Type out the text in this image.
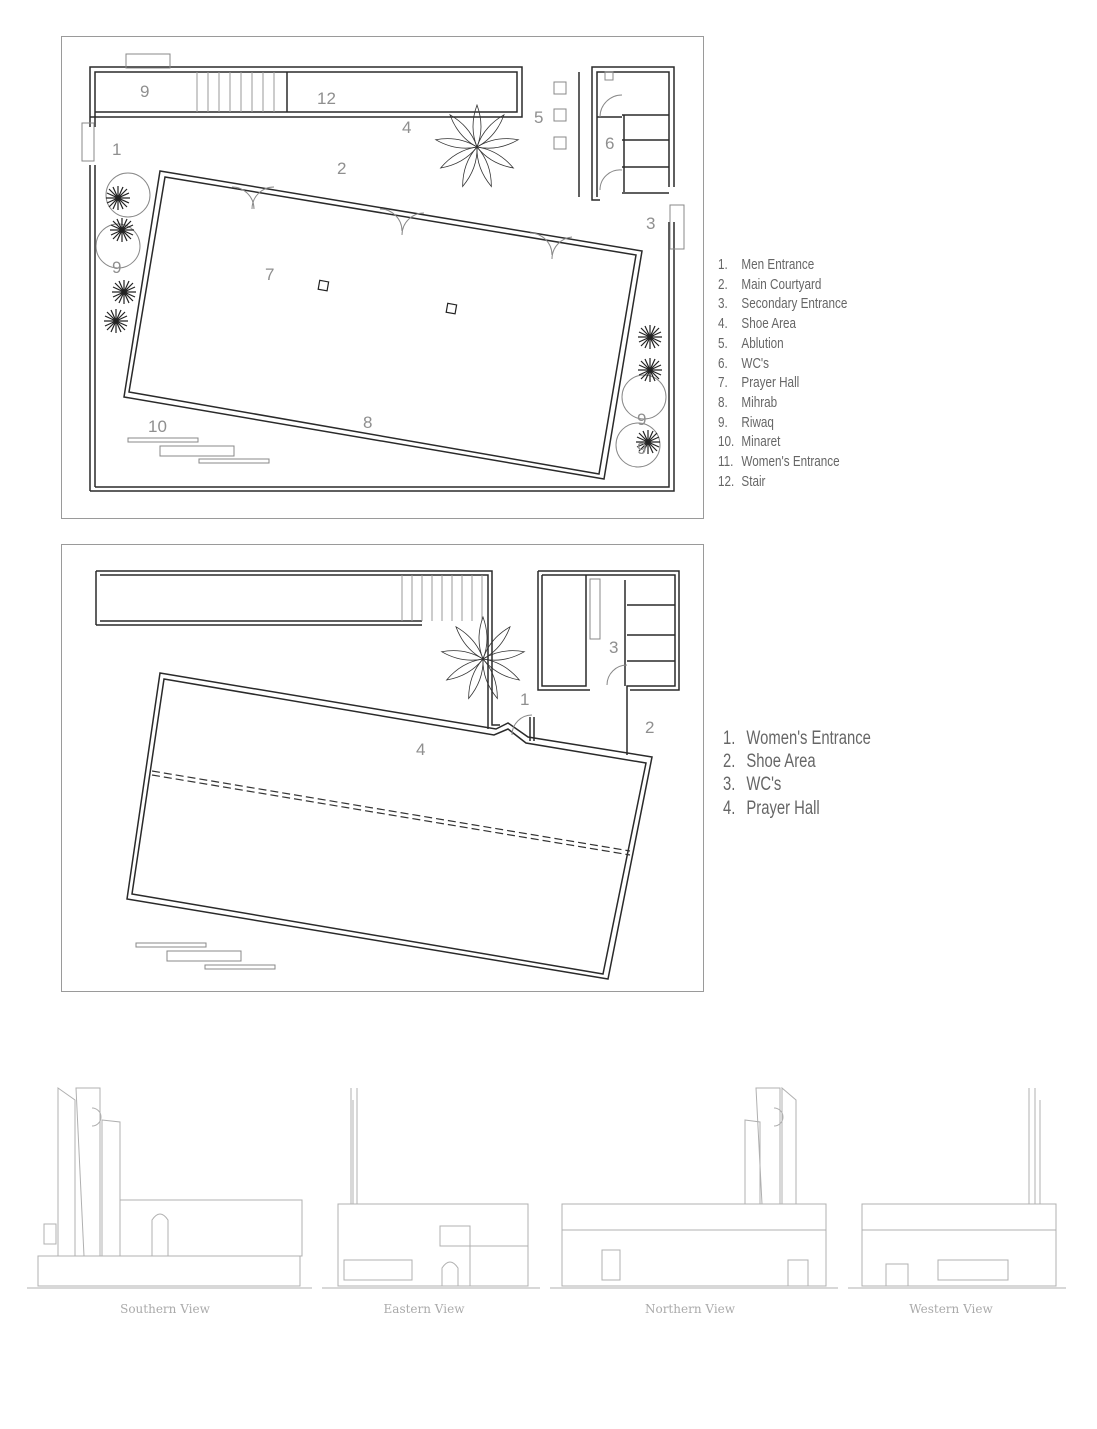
9	12
1
2
4
5
6
3
7
8
9
9
9
10
1. Men Entrance
2. Main Courtyard
3. Secondary Entrance
4. Shoe Area
5. Ablution
6. WC's
7. Prayer Hall
8. Mihrab
9. Riwaq
10. Minaret
11. Women's Entrance
12. Stair
1
2
3
4
1. Women's Entrance
2. Shoe Area
3. WC's
4. Prayer Hall
Southern View	Eastern View	Northern View	Western View
